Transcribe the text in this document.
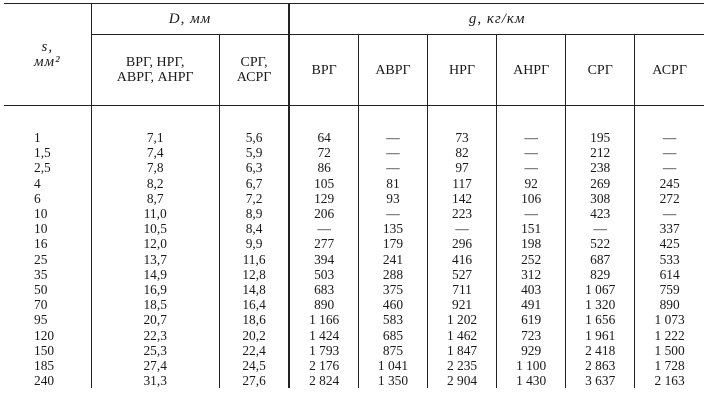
s,
мм²	D, мм		g, кг/км					
	ВРГ, НРГ,
АВРГ, АНРГ	СРГ,
АСРГ	ВРГ	АВРГ	НРГ	АНРГ	СРГ	АСРГ
1	7,1	5,6	64	—	73	—	195	—
1,5	7,4	5,9	72	—	82	—	212	—
2,5	7,8	6,3	86	—	97	—	238	—
4	8,2	6,7	105	81	117	92	269	245
6	8,7	7,2	129	93	142	106	308	272
10	11,0	8,9	206	—	223	—	423	—
10	10,5	8,4	—	135	—	151	—	337
16	12,0	9,9	277	179	296	198	522	425
25	13,7	11,6	394	241	416	252	687	533
35	14,9	12,8	503	288	527	312	829	614
50	16,9	14,8	683	375	711	403	1 067	759
70	18,5	16,4	890	460	921	491	1 320	890
95	20,7	18,6	1 166	583	1 202	619	1 656	1 073
120	22,3	20,2	1 424	685	1 462	723	1 961	1 222
150	25,3	22,4	1 793	875	1 847	929	2 418	1 500
185	27,4	24,5	2 176	1 041	2 235	1 100	2 863	1 728
240	31,3	27,6	2 824	1 350	2 904	1 430	3 637	2 163
